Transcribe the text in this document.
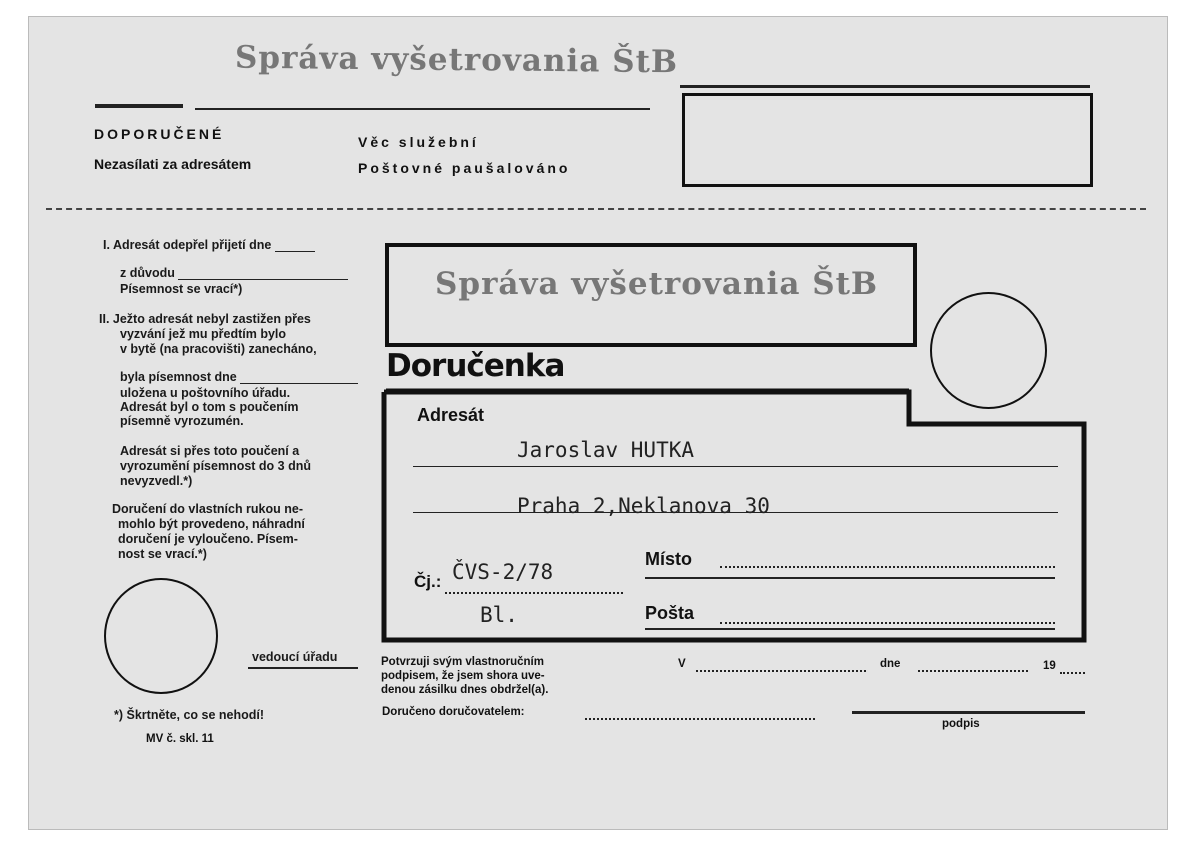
Správa vyšetrovania ŠtB
DOPORUČENÉ
Nezasílati za adresátem
Věc služební
Poštovné paušalováno
I. Adresát odepřel přijetí dne
z důvodu
Písemnost se vrací*)
II. Ježto adresát nebyl zastižen přes
vyzvání jež mu předtím bylo
v bytě (na pracovišti) zanecháno,
byla písemnost dne
uložena u poštovního úřadu.
Adresát byl o tom s poučením
písemně vyrozumén.
Adresát si přes toto poučení a
vyrozumění písemnost do 3 dnů
nevyzvedl.*)
Doručení do vlastních rukou ne-
mohlo být provedeno, náhradní
doručení je vyloučeno. Písem-
nost se vrací.*)
vedoucí úřadu
*) Škrtněte, co se nehodí!
MV č. skl. 11
Správa vyšetrovania ŠtB
Doručenka
Adresát
Jaroslav HUTKA
Praha 2,Neklanova 30
Čj.: ČVS-2/78
Bl.
Místo
Pošta
Potvrzuji svým vlastnoručním
podpisem, že jsem shora uve-
denou zásilku dnes obdržel(a).
V	dne	19
Doručeno doručovatelem:
podpis
